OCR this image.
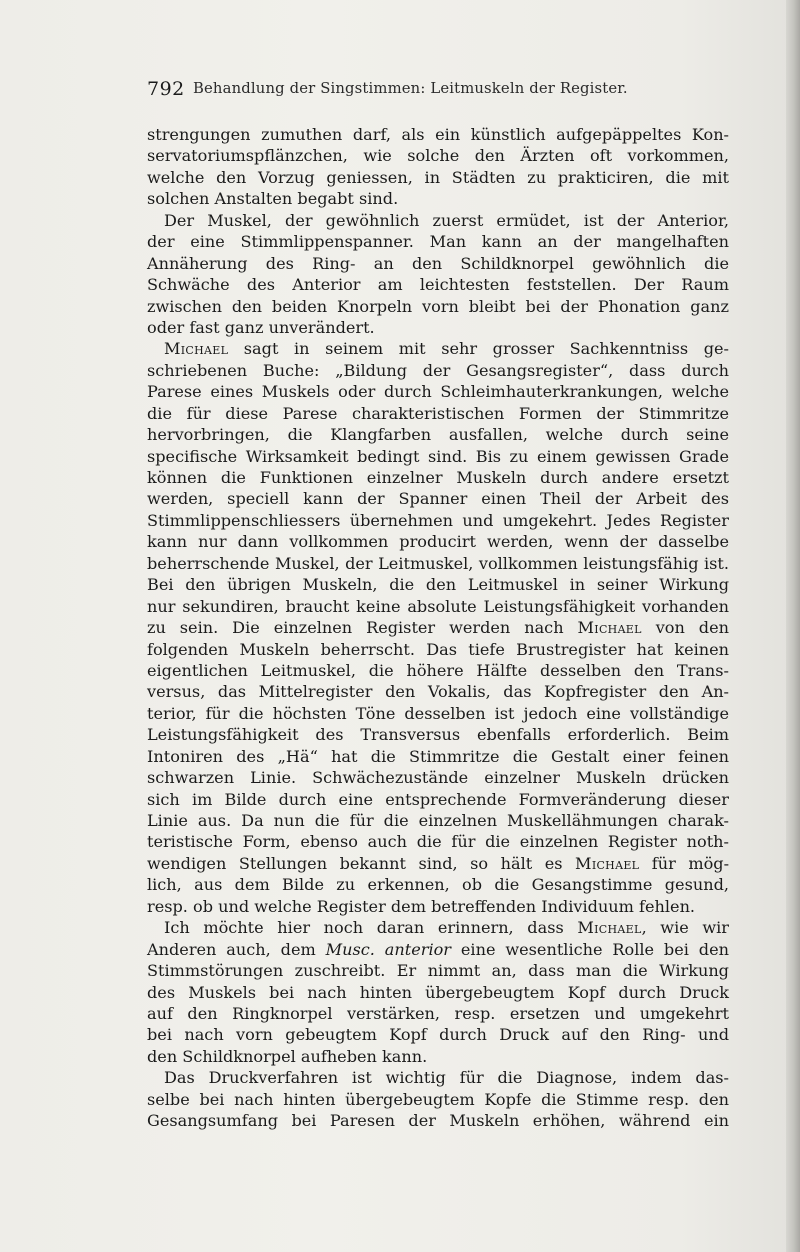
792 Behandlung der Singstimmen: Leitmuskeln der Register.
strengungen zumuthen darf, als ein künstlich aufgepäppeltes Kon-
servatoriumspflänzchen, wie solche den Ärzten oft vorkommen,
welche den Vorzug geniessen, in Städten zu prakticiren, die mit
solchen Anstalten begabt sind.
Der Muskel, der gewöhnlich zuerst ermüdet, ist der Anterior,
der eine Stimmlippenspanner. Man kann an der mangelhaften
Annäherung des Ring- an den Schildknorpel gewöhnlich die
Schwäche des Anterior am leichtesten feststellen. Der Raum
zwischen den beiden Knorpeln vorn bleibt bei der Phonation ganz
oder fast ganz unverändert.
Michael sagt in seinem mit sehr grosser Sachkenntniss ge-
schriebenen Buche: „Bildung der Gesangsregister“, dass durch
Parese eines Muskels oder durch Schleimhauterkrankungen, welche
die für diese Parese charakteristischen Formen der Stimmritze
hervorbringen, die Klangfarben ausfallen, welche durch seine
specifische Wirksamkeit bedingt sind. Bis zu einem gewissen Grade
können die Funktionen einzelner Muskeln durch andere ersetzt
werden, speciell kann der Spanner einen Theil der Arbeit des
Stimmlippenschliessers übernehmen und umgekehrt. Jedes Register
kann nur dann vollkommen producirt werden, wenn der dasselbe
beherrschende Muskel, der Leitmuskel, vollkommen leistungsfähig ist.
Bei den übrigen Muskeln, die den Leitmuskel in seiner Wirkung
nur sekundiren, braucht keine absolute Leistungsfähigkeit vorhanden
zu sein. Die einzelnen Register werden nach Michael von den
folgenden Muskeln beherrscht. Das tiefe Brustregister hat keinen
eigentlichen Leitmuskel, die höhere Hälfte desselben den Trans-
versus, das Mittelregister den Vokalis, das Kopfregister den An-
terior, für die höchsten Töne desselben ist jedoch eine vollständige
Leistungsfähigkeit des Transversus ebenfalls erforderlich. Beim
Intoniren des „Hä“ hat die Stimmritze die Gestalt einer feinen
schwarzen Linie. Schwächezustände einzelner Muskeln drücken
sich im Bilde durch eine entsprechende Formveränderung dieser
Linie aus. Da nun die für die einzelnen Muskellähmungen charak-
teristische Form, ebenso auch die für die einzelnen Register noth-
wendigen Stellungen bekannt sind, so hält es Michael für mög-
lich, aus dem Bilde zu erkennen, ob die Gesangstimme gesund,
resp. ob und welche Register dem betreffenden Individuum fehlen.
Ich möchte hier noch daran erinnern, dass Michael, wie wir
Anderen auch, dem Musc. anterior eine wesentliche Rolle bei den
Stimmstörungen zuschreibt. Er nimmt an, dass man die Wirkung
des Muskels bei nach hinten übergebeugtem Kopf durch Druck
auf den Ringknorpel verstärken, resp. ersetzen und umgekehrt
bei nach vorn gebeugtem Kopf durch Druck auf den Ring- und
den Schildknorpel aufheben kann.
Das Druckverfahren ist wichtig für die Diagnose, indem das-
selbe bei nach hinten übergebeugtem Kopfe die Stimme resp. den
Gesangsumfang bei Paresen der Muskeln erhöhen, während ein
